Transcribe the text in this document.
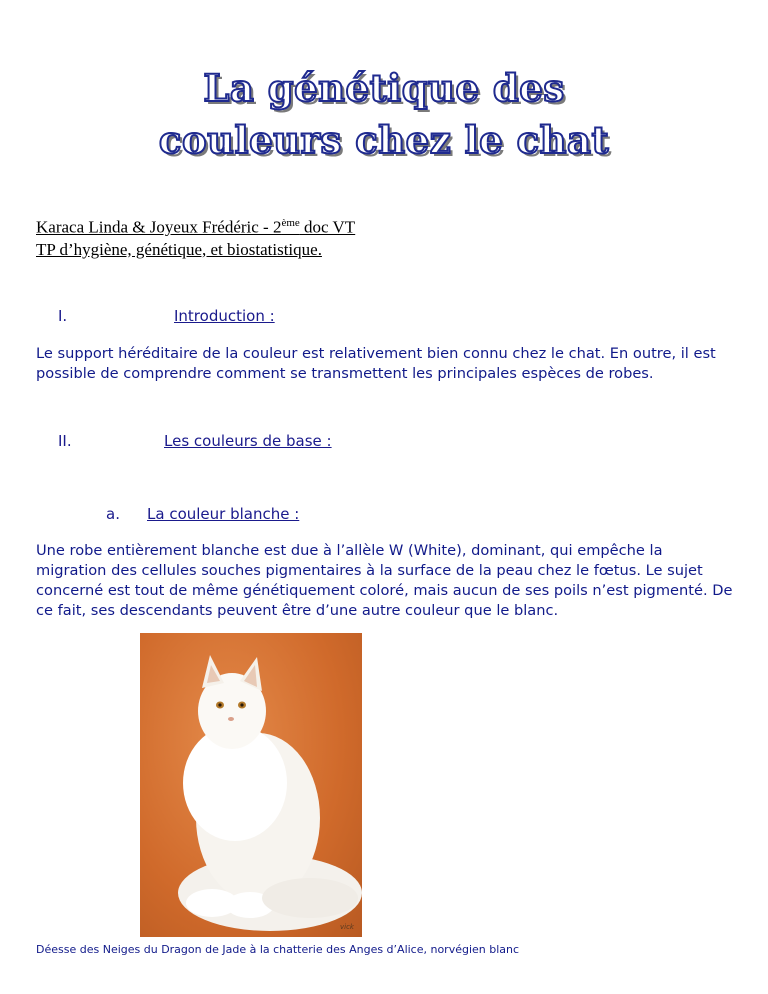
La génétique des
couleurs chez le chat
Karaca Linda & Joyeux Frédéric - 2ème doc VT
TP d’hygiène, génétique, et biostatistique.
I.	Introduction :
Le support héréditaire de la couleur est relativement bien connu chez le chat. En outre, il est possible de comprendre comment se transmettent les principales espèces de robes.
II.	Les couleurs de base :
a. La couleur blanche :
Une robe entièrement blanche est due à l’allèle W (White), dominant, qui empêche la migration des cellules souches pigmentaires à la surface de la peau chez le fœtus. Le sujet concerné est tout de même génétiquement coloré, mais aucun de ses poils n’est pigmenté. De ce fait, ses descendants peuvent être d’une autre couleur que le blanc.
vick
Déesse des Neiges du Dragon de Jade à la chatterie des Anges d’Alice, norvégien blanc
